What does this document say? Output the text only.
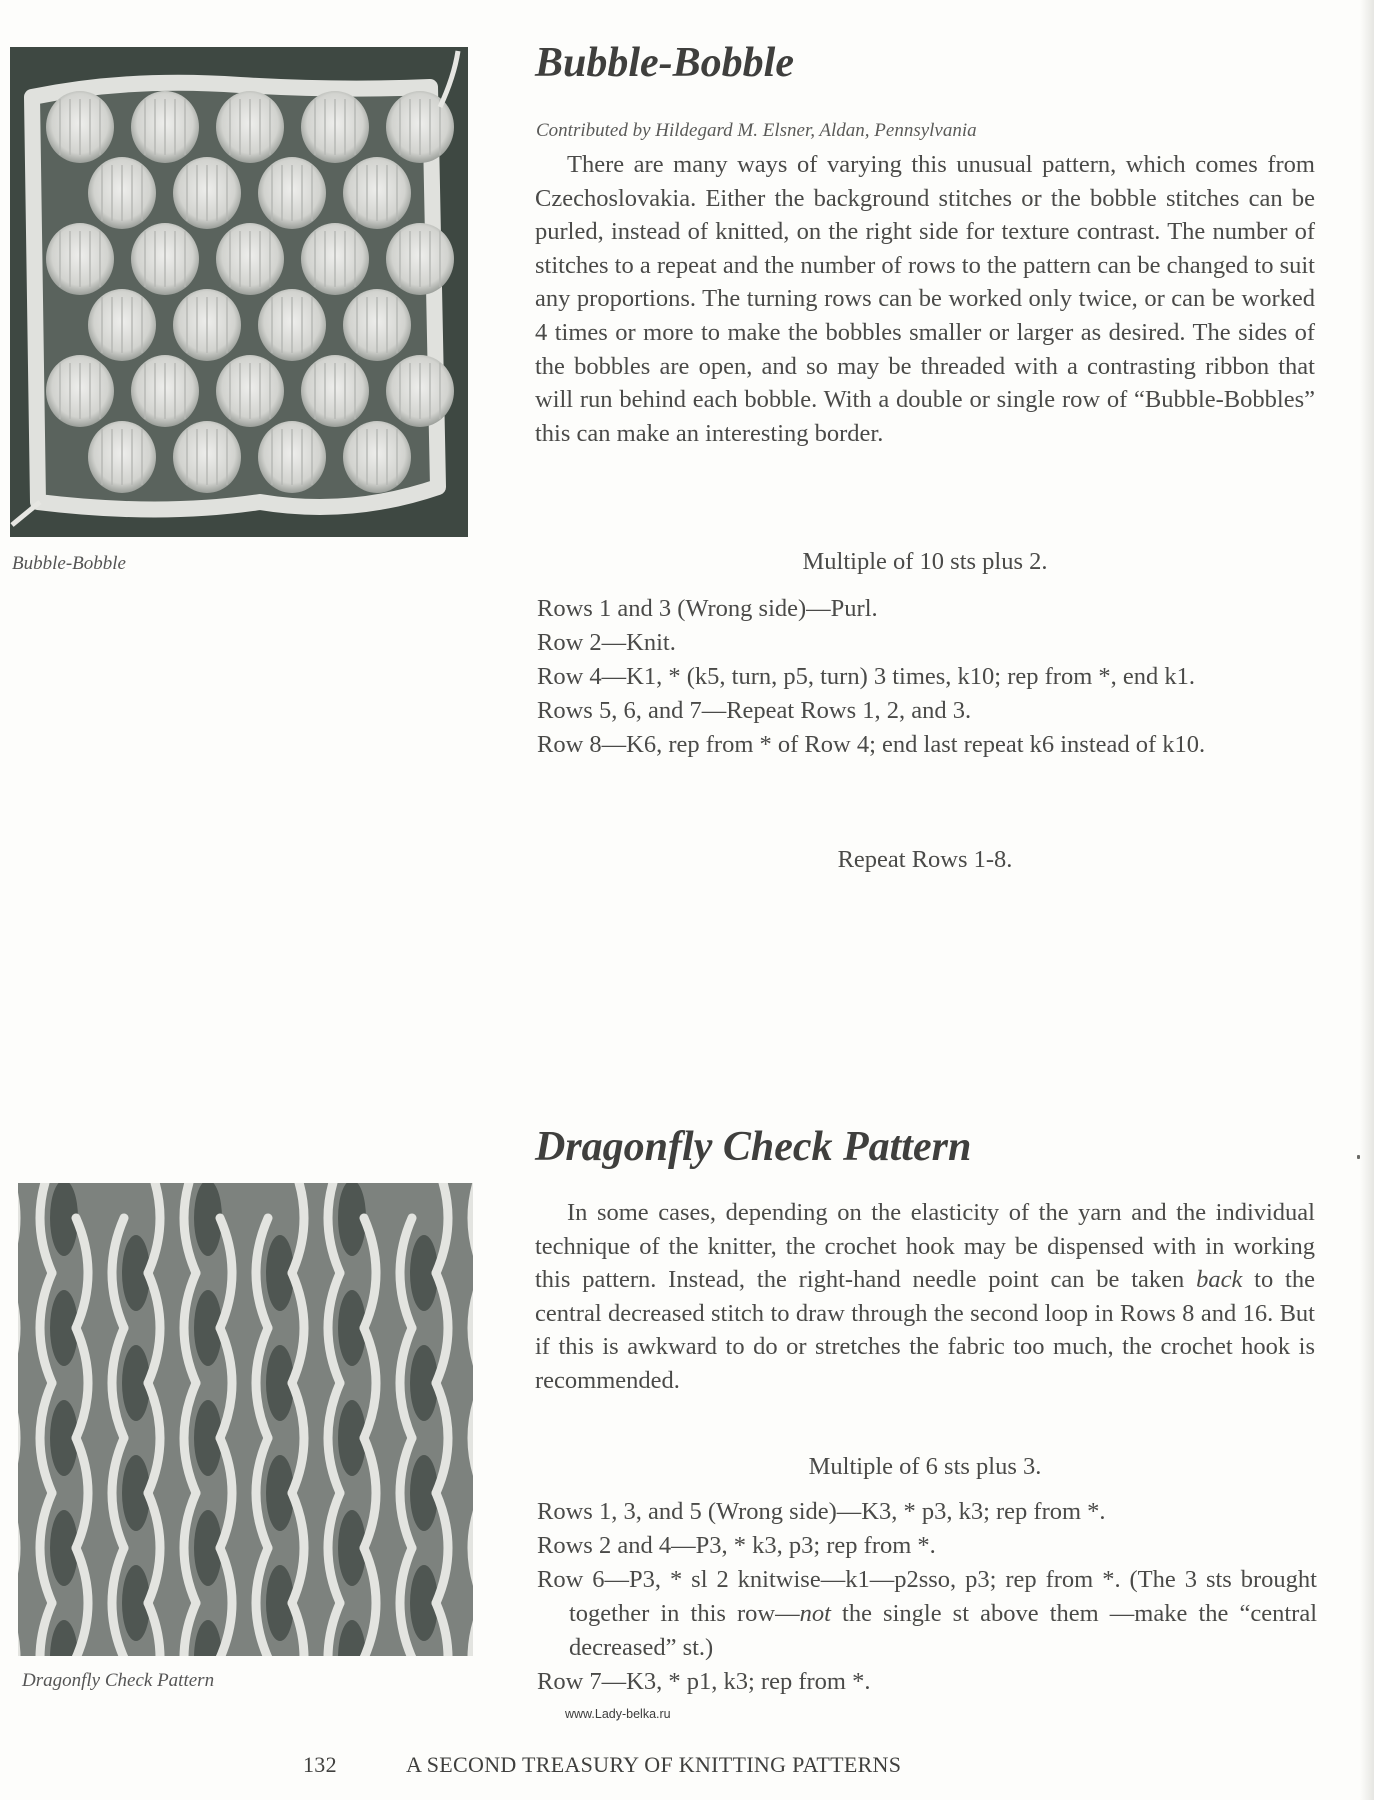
Bubble-Bobble
Bubble-Bobble
Contributed by Hildegard M. Elsner, Aldan, Pennsylvania

There are many ways of varying this unusual pattern, which comes from Czechoslovakia. Either the background stitches or the bobble stitches can be purled, instead of knitted, on the right side for texture contrast. The number of stitches to a repeat and the number of rows to the pattern can be changed to suit any proportions. The turning rows can be worked only twice, or can be worked 4 times or more to make the bobbles smaller or larger as desired. The sides of the bobbles are open, and so may be threaded with a contrasting ribbon that will run behind each bobble. With a double or single row of “Bubble-Bobbles” this can make an interesting border.

Multiple of 10 sts plus 2.
Rows 1 and 3 (Wrong side)—Purl.
Row 2—Knit.
Row 4—K1, * (k5, turn, p5, turn) 3 times, k10; rep from *, end k1.
Rows 5, 6, and 7—Repeat Rows 1, 2, and 3.
Row 8—K6, rep from * of Row 4; end last repeat k6 instead of k10.
Repeat Rows 1-8.
Dragonfly Check Pattern
Dragonfly Check Pattern

In some cases, depending on the elasticity of the yarn and the individual technique of the knitter, the crochet hook may be dispensed with in working this pattern. Instead, the right-hand needle point can be taken back to the central decreased stitch to draw through the second loop in Rows 8 and 16. But if this is awkward to do or stretches the fabric too much, the crochet hook is recommended.

Multiple of 6 sts plus 3.
Rows 1, 3, and 5 (Wrong side)—K3, * p3, k3; rep from *.
Rows 2 and 4—P3, * k3, p3; rep from *.
Row 6—P3, * sl 2 knitwise—k1—p2sso, p3; rep from *. (The 3 sts brought together in this row—not the single st above them —make the “central decreased” st.)
Row 7—K3, * p1, k3; rep from *.
www.Lady-belka.ru
132	A SECOND TREASURY OF KNITTING PATTERNS
